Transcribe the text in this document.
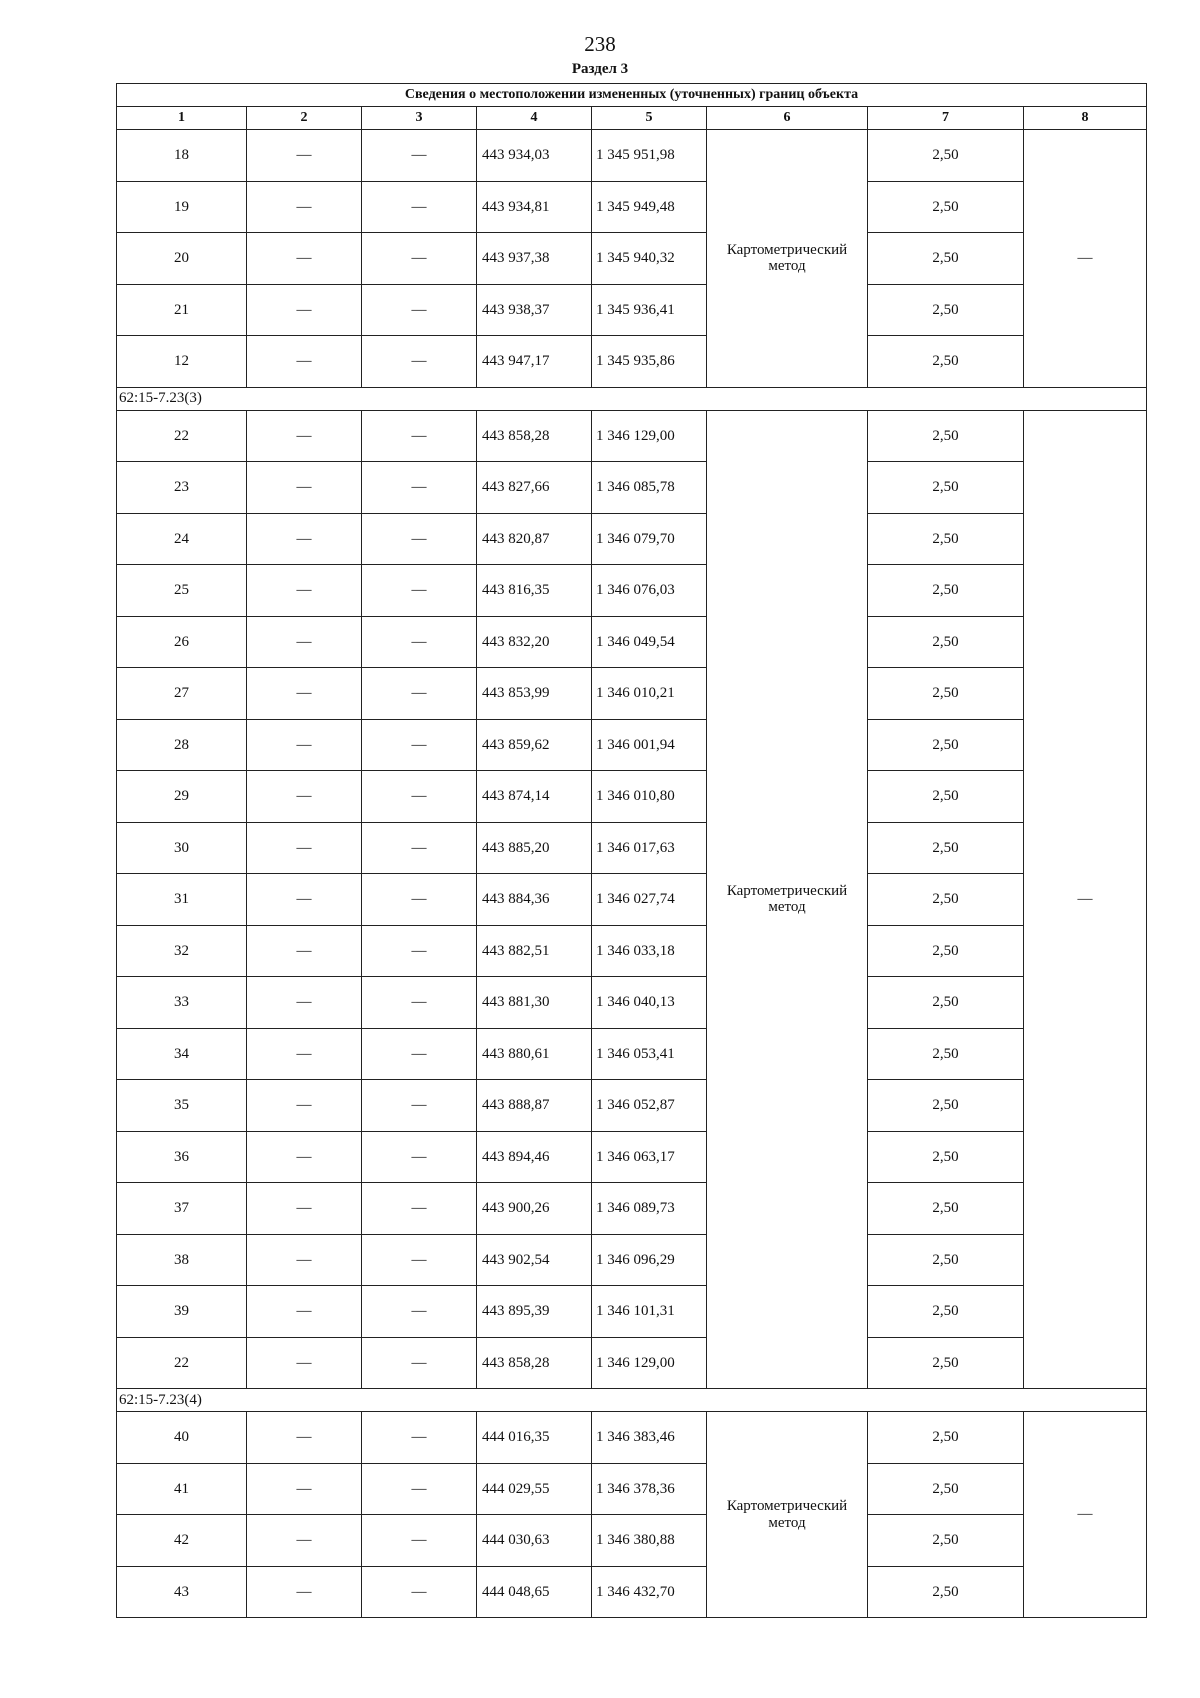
238
Раздел 3
Сведения о местоположении измененных (уточненных) границ объекта							
1	2	3	4	5	6	7	8
18	—	—	443 934,03	1 345 951,98	Картометрический метод	2,50	—
19	—	—	443 934,81	1 345 949,48		2,50	
20	—	—	443 937,38	1 345 940,32		2,50	
21	—	—	443 938,37	1 345 936,41		2,50	
12	—	—	443 947,17	1 345 935,86		2,50	
62:15-7.23(3)							
22	—	—	443 858,28	1 346 129,00	Картометрический метод	2,50	—
23	—	—	443 827,66	1 346 085,78		2,50	
24	—	—	443 820,87	1 346 079,70		2,50	
25	—	—	443 816,35	1 346 076,03		2,50	
26	—	—	443 832,20	1 346 049,54		2,50	
27	—	—	443 853,99	1 346 010,21		2,50	
28	—	—	443 859,62	1 346 001,94		2,50	
29	—	—	443 874,14	1 346 010,80		2,50	
30	—	—	443 885,20	1 346 017,63		2,50	
31	—	—	443 884,36	1 346 027,74		2,50	
32	—	—	443 882,51	1 346 033,18		2,50	
33	—	—	443 881,30	1 346 040,13		2,50	
34	—	—	443 880,61	1 346 053,41		2,50	
35	—	—	443 888,87	1 346 052,87		2,50	
36	—	—	443 894,46	1 346 063,17		2,50	
37	—	—	443 900,26	1 346 089,73		2,50	
38	—	—	443 902,54	1 346 096,29		2,50	
39	—	—	443 895,39	1 346 101,31		2,50	
22	—	—	443 858,28	1 346 129,00		2,50	
62:15-7.23(4)							
40	—	—	444 016,35	1 346 383,46	Картометрический метод	2,50	—
41	—	—	444 029,55	1 346 378,36		2,50	
42	—	—	444 030,63	1 346 380,88		2,50	
43	—	—	444 048,65	1 346 432,70		2,50	
